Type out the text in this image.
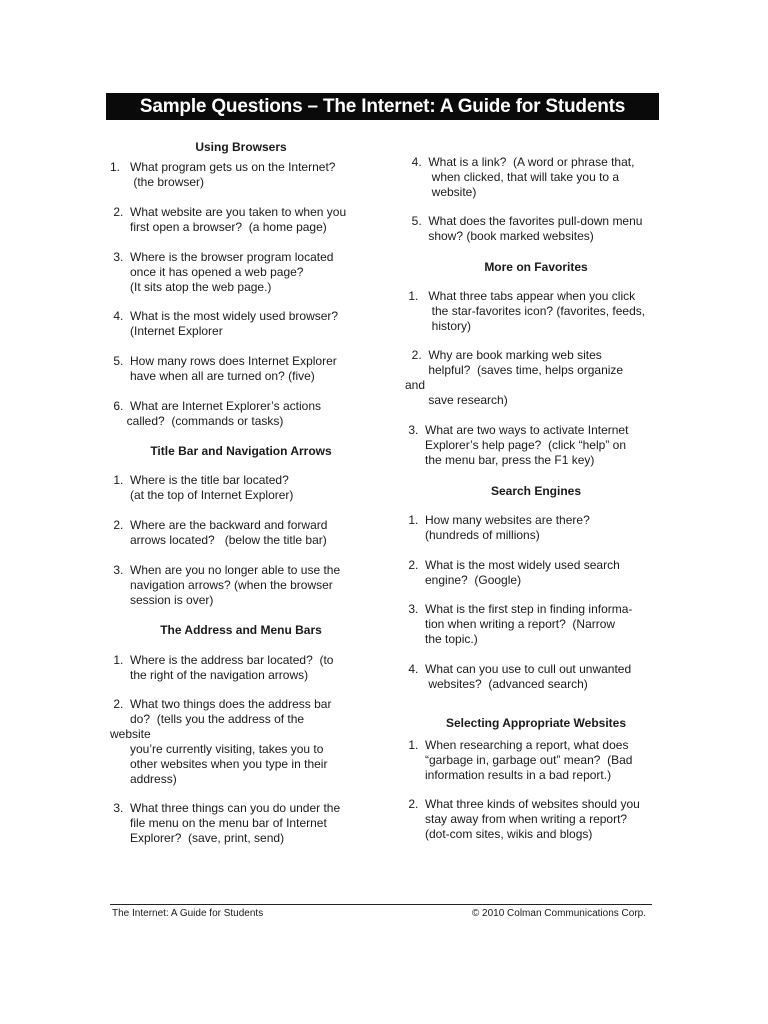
Sample Questions – The Internet: A Guide for Students
Using Browsers
1.   What program gets us on the Internet?
(the browser)
2.  What website are you taken to when you
first open a browser?  (a home page)
3.  Where is the browser program located
once it has opened a web page?
(It sits atop the web page.)
4.  What is the most widely used browser?
(Internet Explorer
5.  How many rows does Internet Explorer
have when all are turned on? (five)
6.  What are Internet Explorer’s actions
called?  (commands or tasks)
Title Bar and Navigation Arrows
1.  Where is the title bar located?
(at the top of Internet Explorer)
2.  Where are the backward and forward
arrows located?   (below the title bar)
3.  When are you no longer able to use the
navigation arrows? (when the browser
session is over)
The Address and Menu Bars
1.  Where is the address bar located?  (to
the right of the navigation arrows)
2.  What two things does the address bar
do?  (tells you the address of the
website
you’re currently visiting, takes you to
other websites when you type in their
address)
3.  What three things can you do under the
file menu on the menu bar of Internet
Explorer?  (save, print, send)
4.  What is a link?  (A word or phrase that,
when clicked, that will take you to a
website)
5.  What does the favorites pull-down menu
show? (book marked websites)
More on Favorites
1.   What three tabs appear when you click
the star-favorites icon? (favorites, feeds,
history)
2.  Why are book marking web sites
helpful?  (saves time, helps organize
and
save research)
3.  What are two ways to activate Internet
Explorer’s help page?  (click “help” on
the menu bar, press the F1 key)
Search Engines
1.  How many websites are there?
(hundreds of millions)
2.  What is the most widely used search
engine?  (Google)
3.  What is the first step in finding informa-
tion when writing a report?  (Narrow
the topic.)
4.  What can you use to cull out unwanted
websites?  (advanced search)
Selecting Appropriate Websites
1.  When researching a report, what does
“garbage in, garbage out” mean?  (Bad
information results in a bad report.)
2.  What three kinds of websites should you
stay away from when writing a report?
(dot-com sites, wikis and blogs)
The Internet: A Guide for Students	© 2010 Colman Communications Corp.
